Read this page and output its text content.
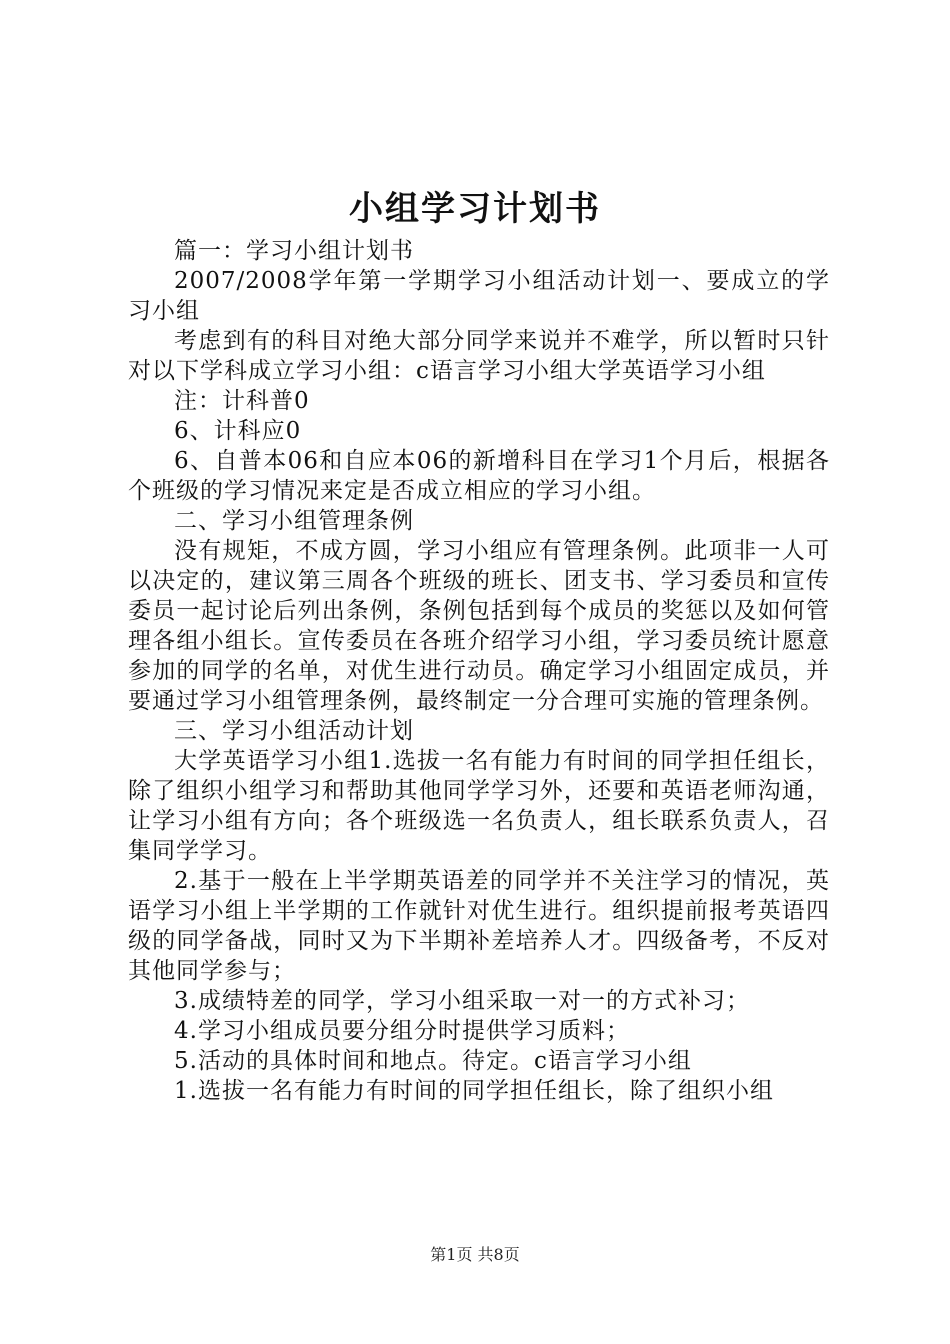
小组学习计划书

篇一：学习小组计划书

2007/2008学年第一学期学习小组活动计划一、要成立的学习小组

考虑到有的科目对绝大部分同学来说并不难学，所以暂时只针对以下学科成立学习小组：c语言学习小组大学英语学习小组

注：计科普0

6、计科应0

6、自普本06和自应本06的新增科目在学习1个月后，根据各个班级的学习情况来定是否成立相应的学习小组。

二、学习小组管理条例

没有规矩，不成方圆，学习小组应有管理条例。此项非一人可以决定的，建议第三周各个班级的班长、团支书、学习委员和宣传委员一起讨论后列出条例，条例包括到每个成员的奖惩以及如何管理各组小组长。宣传委员在各班介绍学习小组，学习委员统计愿意参加的同学的名单，对优生进行动员。确定学习小组固定成员，并要通过学习小组管理条例，最终制定一分合理可实施的管理条例。

三、学习小组活动计划

大学英语学习小组1.选拔一名有能力有时间的同学担任组长，除了组织小组学习和帮助其他同学学习外，还要和英语老师沟通，让学习小组有方向；各个班级选一名负责人，组长联系负责人，召集同学学习。

2.基于一般在上半学期英语差的同学并不关注学习的情况，英语学习小组上半学期的工作就针对优生进行。组织提前报考英语四级的同学备战，同时又为下半期补差培养人才。四级备考，不反对其他同学参与；

3.成绩特差的同学，学习小组采取一对一的方式补习；

4.学习小组成员要分组分时提供学习质料；

5.活动的具体时间和地点。待定。c语言学习小组

1.选拔一名有能力有时间的同学担任组长，除了组织小组

第1页 共8页
